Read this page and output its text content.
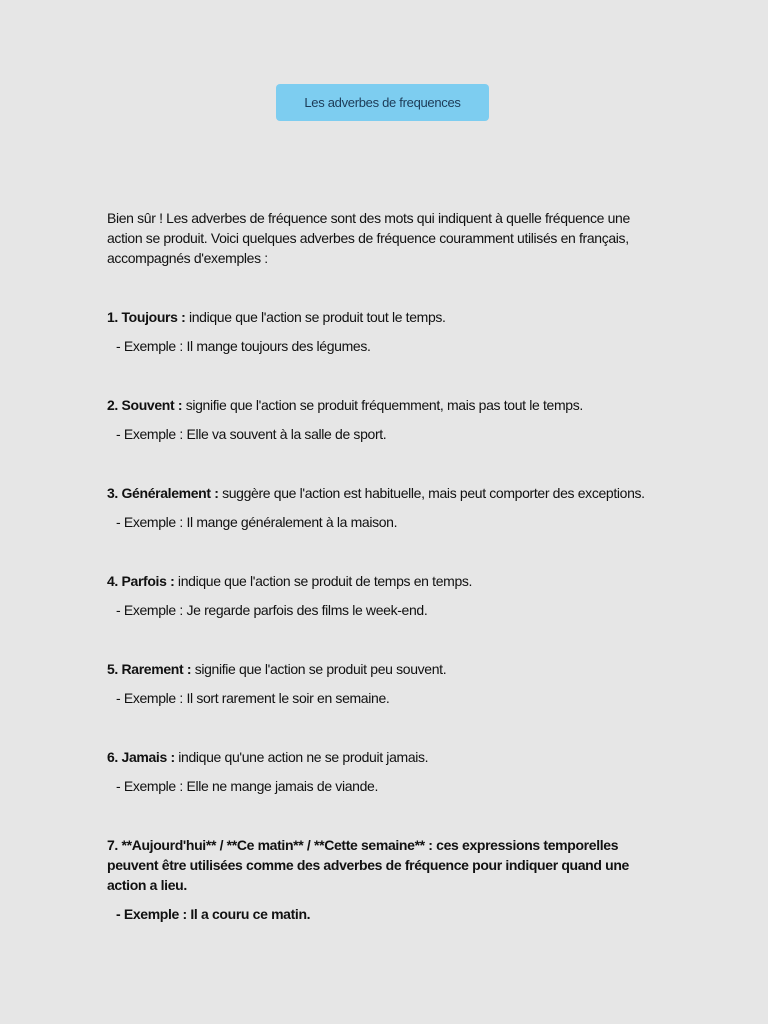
Les adverbes de frequences

Bien sûr ! Les adverbes de fréquence sont des mots qui indiquent à quelle fréquence une action se produit. Voici quelques adverbes de fréquence couramment utilisés en français, accompagnés d'exemples :

1. Toujours : indique que l'action se produit tout le temps.

- Exemple : Il mange toujours des légumes.

2. Souvent : signifie que l'action se produit fréquemment, mais pas tout le temps.

- Exemple : Elle va souvent à la salle de sport.

3. Généralement : suggère que l'action est habituelle, mais peut comporter des exceptions.

- Exemple : Il mange généralement à la maison.

4. Parfois : indique que l'action se produit de temps en temps.

- Exemple : Je regarde parfois des films le week-end.

5. Rarement : signifie que l'action se produit peu souvent.

- Exemple : Il sort rarement le soir en semaine.

6. Jamais : indique qu'une action ne se produit jamais.

- Exemple : Elle ne mange jamais de viande.

7. **Aujourd'hui** / **Ce matin** / **Cette semaine** : ces expressions temporelles peuvent être utilisées comme des adverbes de fréquence pour indiquer quand une action a lieu.

- Exemple : Il a couru ce matin.
